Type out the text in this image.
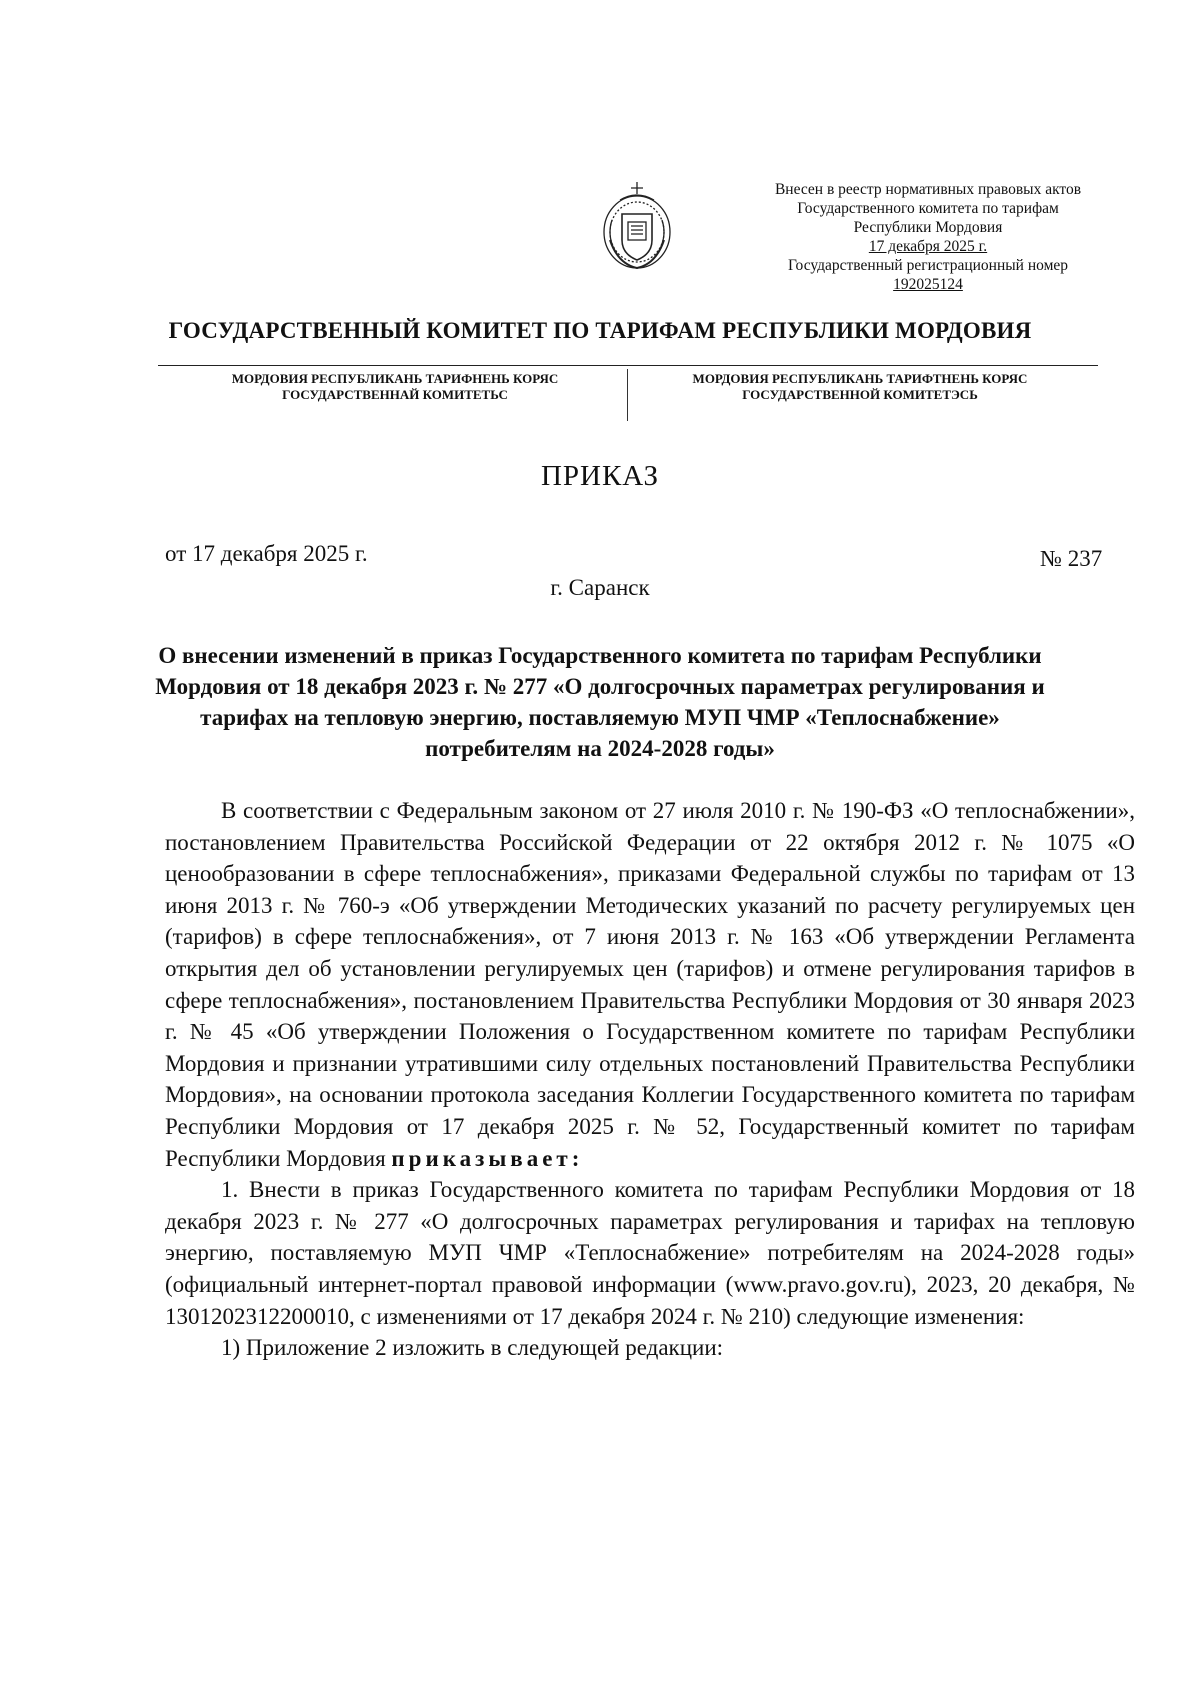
Внесен в реестр нормативных правовых актов
Государственного комитета по тарифам
Республики Мордовия
17 декабря 2025 г.
Государственный регистрационный номер
192025124
ГОСУДАРСТВЕННЫЙ КОМИТЕТ ПО ТАРИФАМ РЕСПУБЛИКИ МОРДОВИЯ
МОРДОВИЯ РЕСПУБЛИКАНЬ ТАРИФНЕНЬ КОРЯС
ГОСУДАРСТВЕННАЙ КОМИТЕТЬС
МОРДОВИЯ РЕСПУБЛИКАНЬ ТАРИФТНЕНЬ КОРЯС
ГОСУДАРСТВЕННОЙ КОМИТЕТЭСЬ
ПРИКАЗ
от 17 декабря 2025 г.	№ 237
г. Саранск
О внесении изменений в приказ Государственного комитета по тарифам Республики Мордовия от 18 декабря 2023 г. № 277 «О долгосрочных параметрах регулирования и тарифах на тепловую энергию, поставляемую МУП ЧМР «Теплоснабжение» потребителям на 2024-2028 годы»

В соответствии с Федеральным законом от 27 июля 2010 г. № 190-ФЗ «О теплоснабжении», постановлением Правительства Российской Федерации от 22 октября 2012 г. № 1075 «О ценообразовании в сфере теплоснабжения», приказами Федеральной службы по тарифам от 13 июня 2013 г. № 760-э «Об утверждении Методических указаний по расчету регулируемых цен (тарифов) в сфере теплоснабжения», от 7 июня 2013 г. № 163 «Об утверждении Регламента открытия дел об установлении регулируемых цен (тарифов) и отмене регулирования тарифов в сфере теплоснабжения», постановлением Правительства Республики Мордовия от 30 января 2023 г. № 45 «Об утверждении Положения о Государственном комитете по тарифам Республики Мордовия и признании утратившими силу отдельных постановлений Правительства Республики Мордовия», на основании протокола заседания Коллегии Государственного комитета по тарифам Республики Мордовия от 17 декабря 2025 г. № 52, Государственный комитет по тарифам Республики Мордовия приказывает:

1. Внести в приказ Государственного комитета по тарифам Республики Мордовия от 18 декабря 2023 г. № 277 «О долгосрочных параметрах регулирования и тарифах на тепловую энергию, поставляемую МУП ЧМР «Теплоснабжение» потребителям на 2024-2028 годы» (официальный интернет-портал правовой информации (www.pravo.gov.ru), 2023, 20 декабря, № 1301202312200010, с изменениями от 17 декабря 2024 г. № 210) следующие изменения:

1) Приложение 2 изложить в следующей редакции:
